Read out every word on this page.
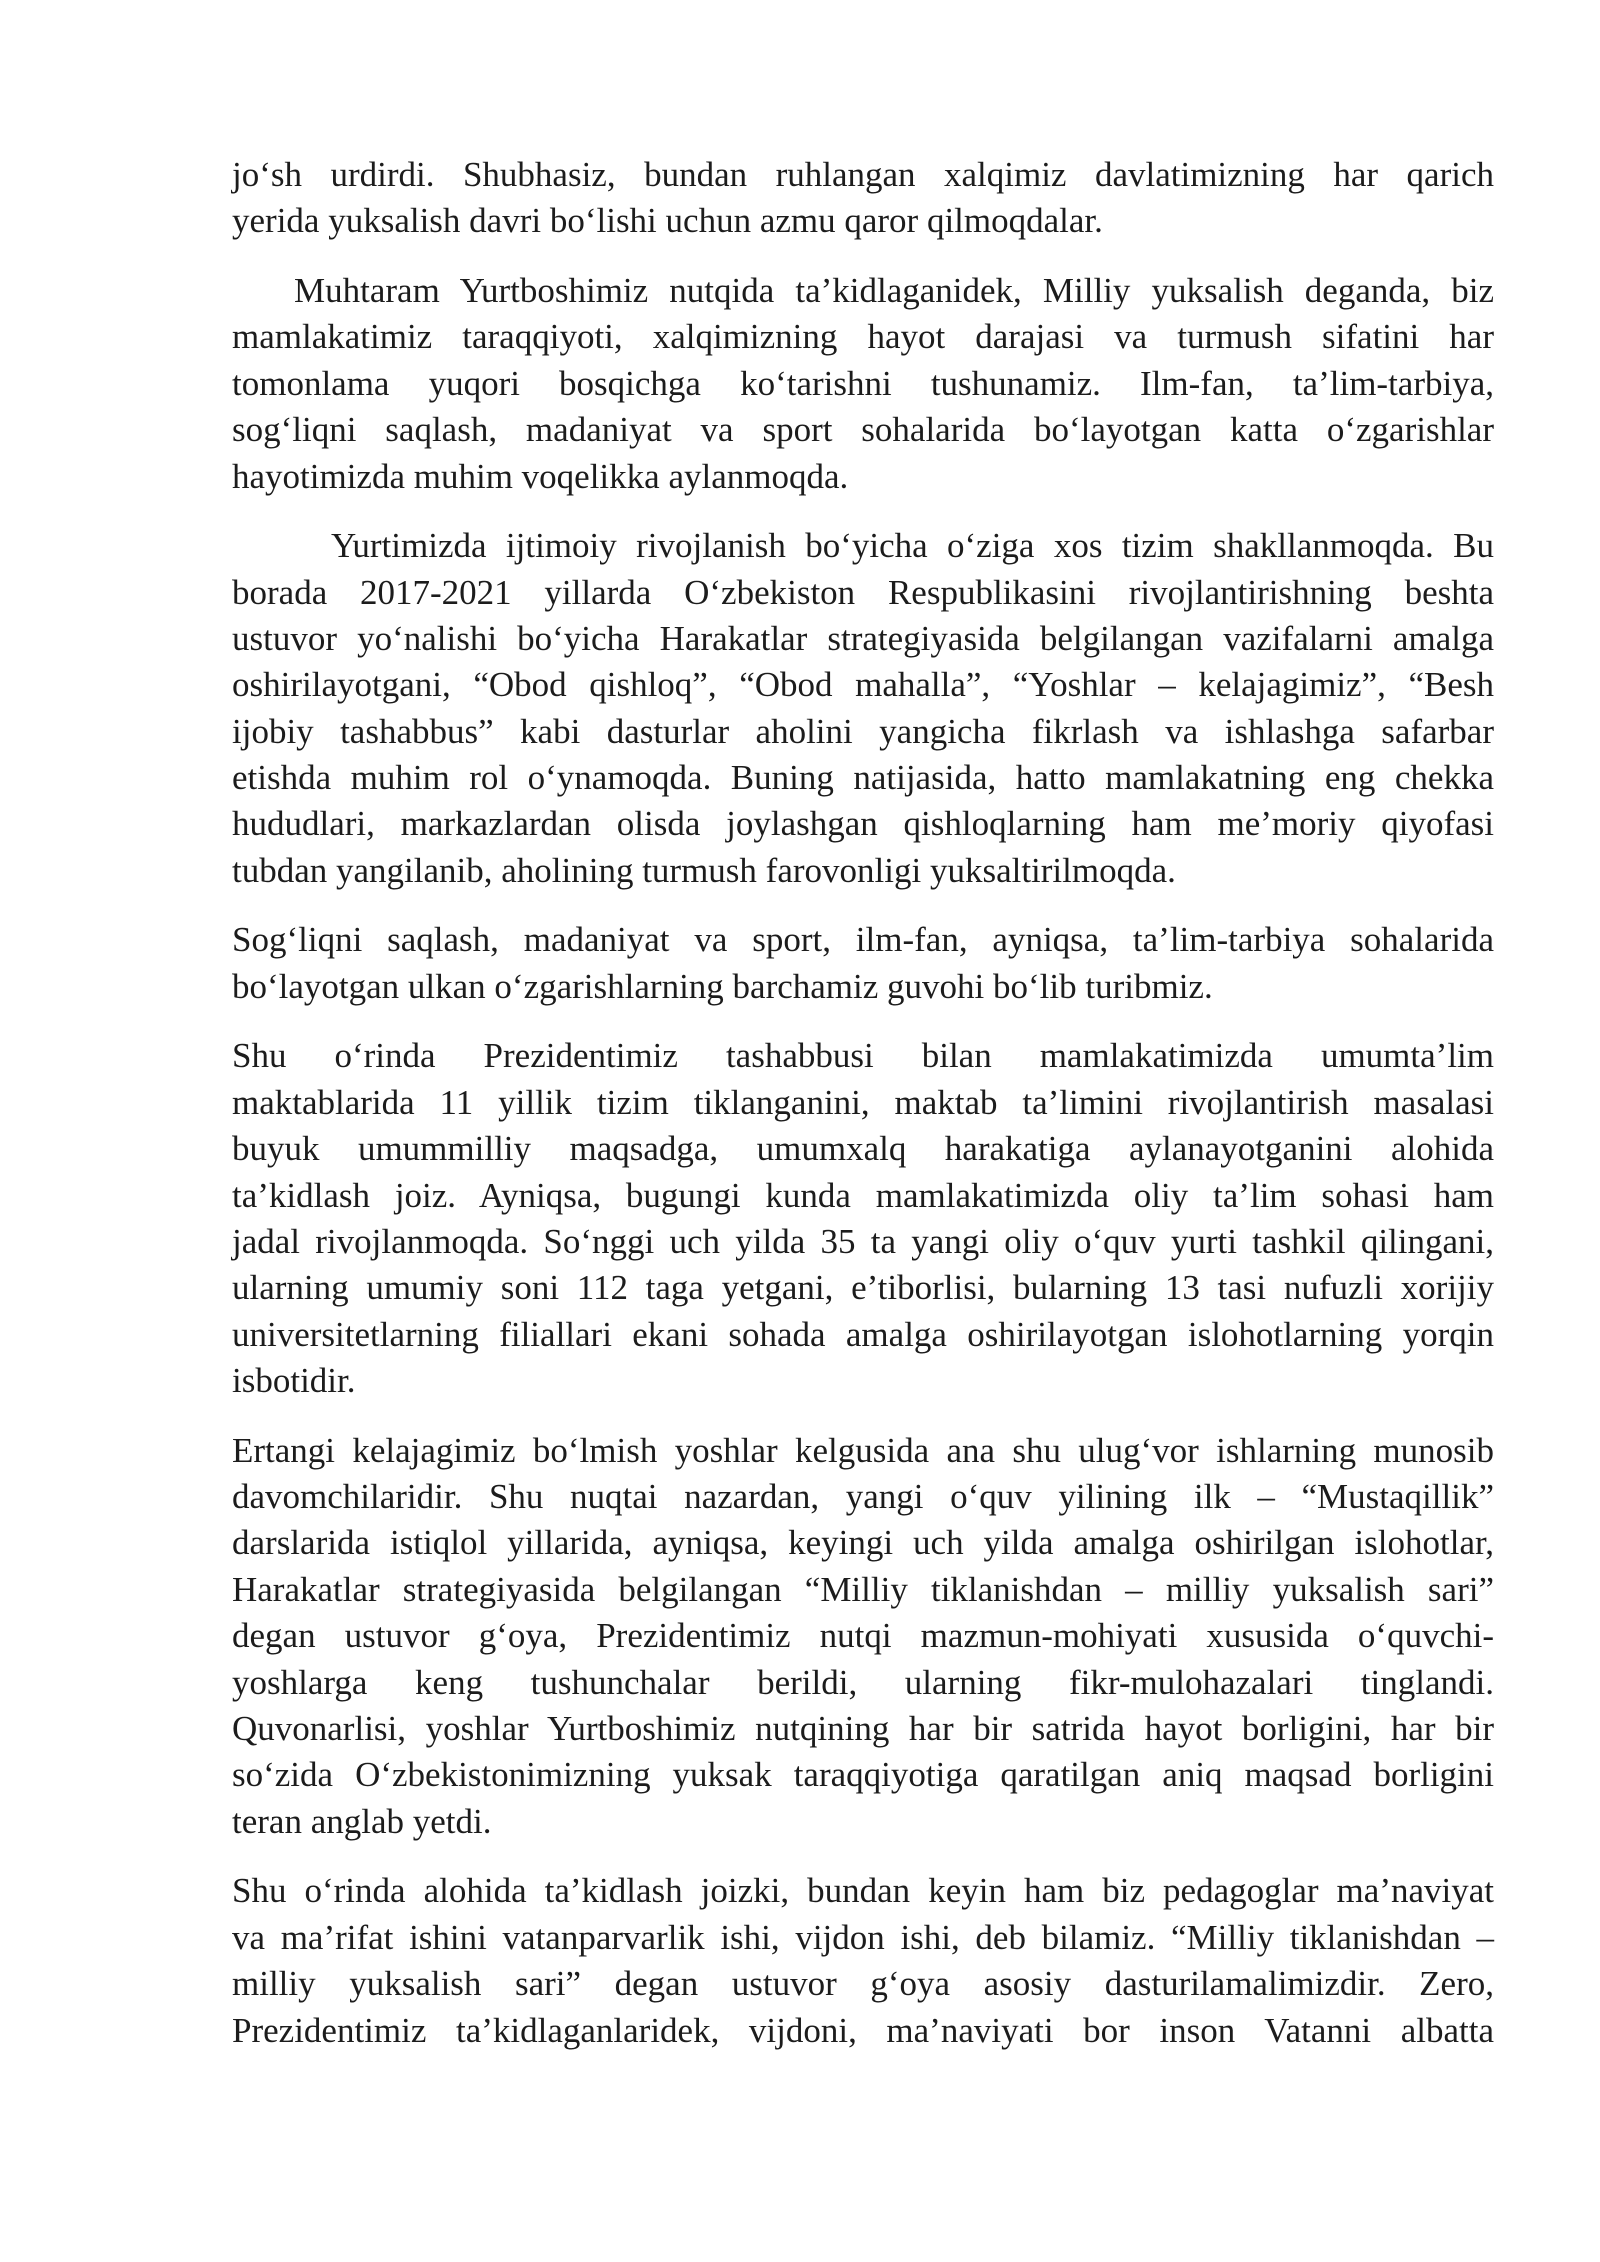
jo‘sh urdirdi. Shubhasiz, bundan ruhlangan xalqimiz davlatimizning har qarich
yerida yuksalish davri bo‘lishi uchun azmu qaror qilmoqdalar.
Muhtaram Yurtboshimiz nutqida ta’kidlaganidek, Milliy yuksalish deganda, biz
mamlakatimiz taraqqiyoti, xalqimizning hayot darajasi va turmush sifatini har
tomonlama yuqori bosqichga ko‘tarishni tushunamiz. Ilm-fan, ta’lim-tarbiya,
sog‘liqni saqlash, madaniyat va sport sohalarida bo‘layotgan katta o‘zgarishlar
hayotimizda muhim voqelikka aylanmoqda.
Yurtimizda ijtimoiy rivojlanish bo‘yicha o‘ziga xos tizim shakllanmoqda. Bu
borada 2017-2021 yillarda O‘zbekiston Respublikasini rivojlantirishning beshta
ustuvor yo‘nalishi bo‘yicha Harakatlar strategiyasida belgilangan vazifalarni amalga
oshirilayotgani, “Obod qishloq”, “Obod mahalla”, “Yoshlar – kelajagimiz”, “Besh
ijobiy tashabbus” kabi dasturlar aholini yangicha fikrlash va ishlashga safarbar
etishda muhim rol o‘ynamoqda. Buning natijasida, hatto mamlakatning eng chekka
hududlari, markazlardan olisda joylashgan qishloqlarning ham me’moriy qiyofasi
tubdan yangilanib, aholining turmush farovonligi yuksaltirilmoqda.
Sog‘liqni saqlash, madaniyat va sport, ilm-fan, ayniqsa, ta’lim-tarbiya sohalarida
bo‘layotgan ulkan o‘zgarishlarning barchamiz guvohi bo‘lib turibmiz.
Shu o‘rinda Prezidentimiz tashabbusi bilan mamlakatimizda umumta’lim
maktablarida 11 yillik tizim tiklanganini, maktab ta’limini rivojlantirish masalasi
buyuk umummilliy maqsadga, umumxalq harakatiga aylanayotganini alohida
ta’kidlash joiz. Ayniqsa, bugungi kunda mamlakatimizda oliy ta’lim sohasi ham
jadal rivojlanmoqda. So‘nggi uch yilda 35 ta yangi oliy o‘quv yurti tashkil qilingani,
ularning umumiy soni 112 taga yetgani, e’tiborlisi, bularning 13 tasi nufuzli xorijiy
universitetlarning filiallari ekani sohada amalga oshirilayotgan islohotlarning yorqin
isbotidir.
Ertangi kelajagimiz bo‘lmish yoshlar kelgusida ana shu ulug‘vor ishlarning munosib
davomchilaridir. Shu nuqtai nazardan, yangi o‘quv yilining ilk – “Mustaqillik”
darslarida istiqlol yillarida, ayniqsa, keyingi uch yilda amalga oshirilgan islohotlar,
Harakatlar strategiyasida belgilangan “Milliy tiklanishdan – milliy yuksalish sari”
degan ustuvor g‘oya, Prezidentimiz nutqi mazmun-mohiyati xususida o‘quvchi-
yoshlarga keng tushunchalar berildi, ularning fikr-mulohazalari tinglandi.
Quvonarlisi, yoshlar Yurtboshimiz nutqining har bir satrida hayot borligini, har bir
so‘zida O‘zbekistonimizning yuksak taraqqiyotiga qaratilgan aniq maqsad borligini
teran anglab yetdi.
Shu o‘rinda alohida ta’kidlash joizki, bundan keyin ham biz pedagoglar ma’naviyat
va ma’rifat ishini vatanparvarlik ishi, vijdon ishi, deb bilamiz. “Milliy tiklanishdan –
milliy yuksalish sari” degan ustuvor g‘oya asosiy dasturilamalimizdir. Zero,
Prezidentimiz ta’kidlaganlaridek, vijdoni, ma’naviyati bor inson Vatanni albatta
